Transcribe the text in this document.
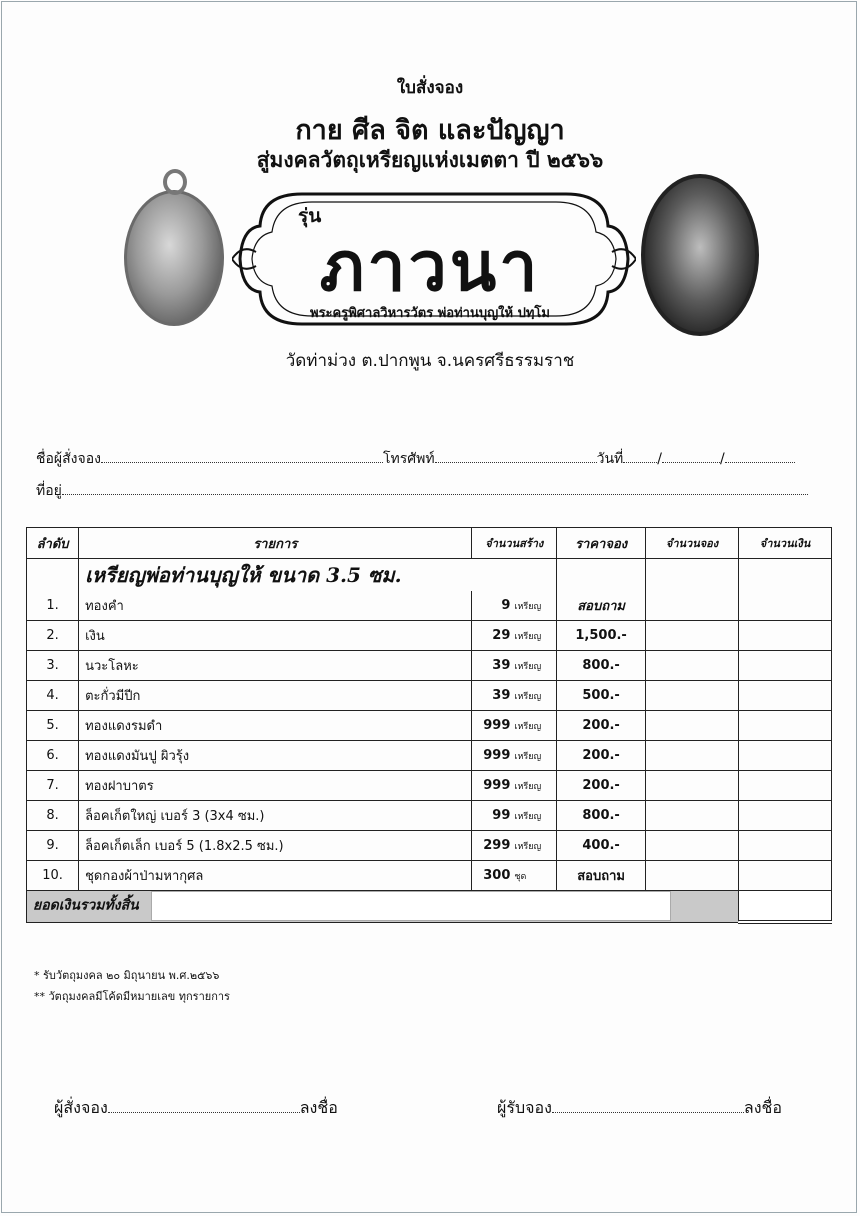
ใบสั่งจอง
กาย ศีล จิต และปัญญา
สู่มงคลวัตถุเหรียญแห่งเมตตา ปี ๒๕๖๖
รุ่น
ภาวนา
พระครูพิศาลวิหารวัตร พ่อท่านบุญให้ ปทฺโม
วัดท่าม่วง ต.ปากพูน จ.นครศรีธรรมราช
ชื่อผู้สั่งจอง	โทรศัพท์	วันที่ /	/
ที่อยู่
ลำดับ	รายการ	จำนวนสร้าง	ราคาจอง	จำนวนจอง	จำนวนเงิน
	เหรียญพ่อท่านบุญให้ ขนาด 3.5 ซม.				
1.	ทองคำ	9 เหรียญ	สอบถาม		
2.	เงิน	29 เหรียญ	1,500.-		
3.	นวะโลหะ	39 เหรียญ	800.-		
4.	ตะกั่วมีปีก	39 เหรียญ	500.-		
5.	ทองแดงรมดำ	999 เหรียญ	200.-		
6.	ทองแดงมันปู ผิวรุ้ง	999 เหรียญ	200.-		
7.	ทองฝาบาตร	999 เหรียญ	200.-		
8.	ล็อคเก็ตใหญ่ เบอร์ 3 (3x4 ซม.)	99 เหรียญ	800.-		
9.	ล็อคเก็ตเล็ก เบอร์ 5 (1.8x2.5 ซม.)	299 เหรียญ	400.-		
10.	ชุดกองผ้าป่ามหากุศล	300 ชุด	สอบถาม		
ยอดเงินรวมทั้งสิ้น					
* รับวัตถุมงคล ๒๐ มิถุนายน พ.ศ.๒๕๖๖
** วัตถุมงคลมีโค้ดมีหมายเลข ทุกรายการ
ผู้สั่งจอง	ลงชื่อ	ผู้รับจอง	ลงชื่อ
